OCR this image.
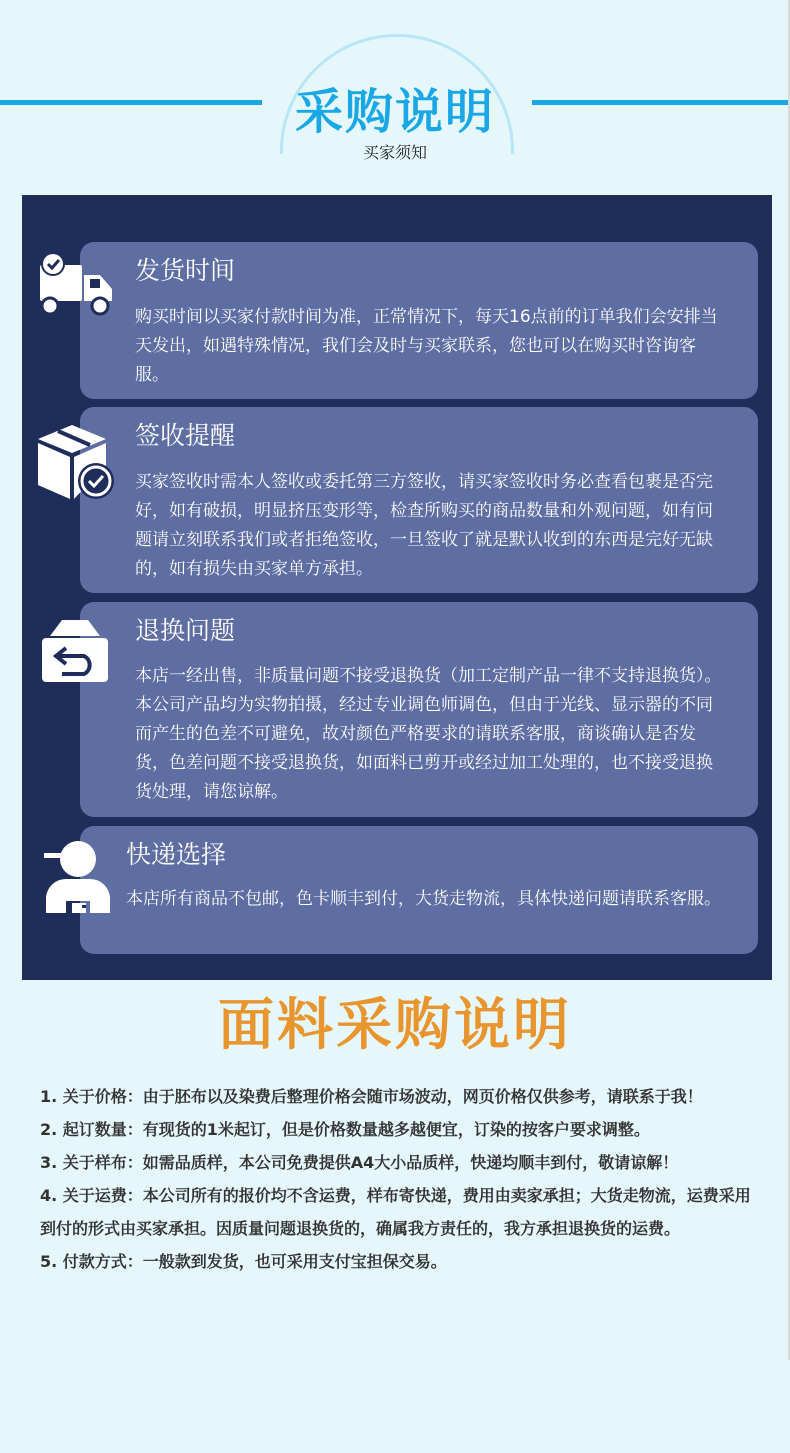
采购说明
买家须知
发货时间
购买时间以买家付款时间为准，正常情况下，每天16点前的订单我们会安排当天发出，如遇特殊情况，我们会及时与买家联系，您也可以在购买时咨询客服。
签收提醒
买家签收时需本人签收或委托第三方签收，请买家签收时务必查看包裹是否完好，如有破损，明显挤压变形等，检查所购买的商品数量和外观问题，如有问题请立刻联系我们或者拒绝签收，一旦签收了就是默认收到的东西是完好无缺的，如有损失由买家单方承担。
退换问题
本店一经出售，非质量问题不接受退换货（加工定制产品一律不支持退换货）。本公司产品均为实物拍摄，经过专业调色师调色，但由于光线、显示器的不同而产生的色差不可避免，故对颜色严格要求的请联系客服，商谈确认是否发货，色差问题不接受退换货，如面料已剪开或经过加工处理的，也不接受退换货处理，请您谅解。
快递选择
本店所有商品不包邮，色卡顺丰到付，大货走物流，具体快递问题请联系客服。
面料采购说明

1. 关于价格：由于胚布以及染费后整理价格会随市场波动，网页价格仅供参考，请联系于我！

2. 起订数量：有现货的1米起订，但是价格数量越多越便宜，订染的按客户要求调整。

3. 关于样布：如需品质样，本公司免费提供A4大小品质样，快递均顺丰到付，敬请谅解！

4. 关于运费：本公司所有的报价均不含运费，样布寄快递，费用由卖家承担；大货走物流，运费采用到付的形式由买家承担。因质量问题退换货的，确属我方责任的，我方承担退换货的运费。

5. 付款方式：一般款到发货，也可采用支付宝担保交易。
